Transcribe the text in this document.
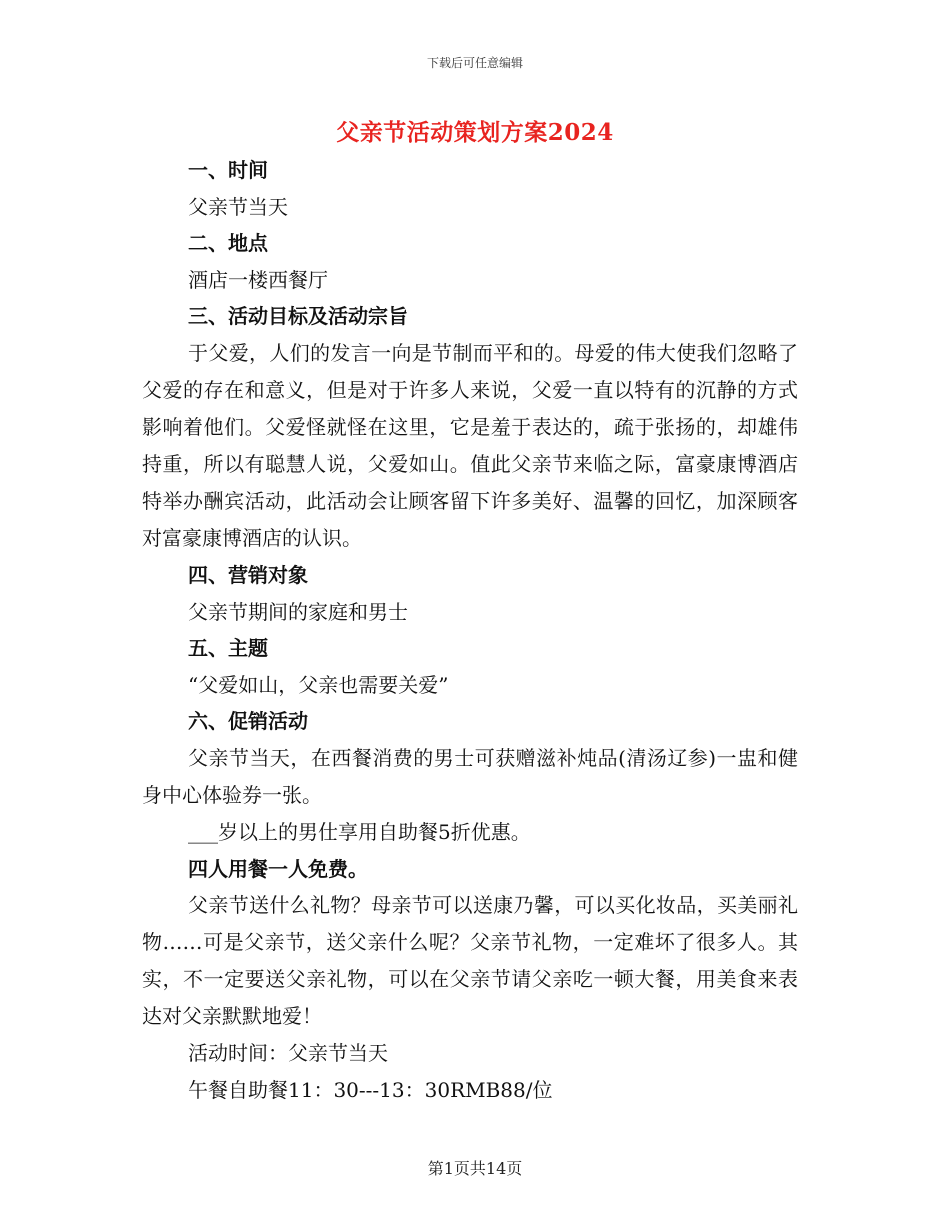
下载后可任意编辑
父亲节活动策划方案2024
一、时间
父亲节当天
二、地点
酒店一楼西餐厅
三、活动目标及活动宗旨

于父爱，人们的发言一向是节制而平和的。母爱的伟大使我们忽略了父爱的存在和意义，但是对于许多人来说，父爱一直以特有的沉静的方式影响着他们。父爱怪就怪在这里，它是羞于表达的，疏于张扬的，却雄伟持重，所以有聪慧人说，父爱如山。值此父亲节来临之际，富豪康博酒店特举办酬宾活动，此活动会让顾客留下许多美好、温馨的回忆，加深顾客对富豪康博酒店的认识。

四、营销对象
父亲节期间的家庭和男士
五、主题
“父爱如山，父亲也需要关爱”
六、促销活动

父亲节当天，在西餐消费的男士可获赠滋补炖品(清汤辽参)一盅和健身中心体验券一张。

___岁以上的男仕享用自助餐5折优惠。
四人用餐一人免费。

父亲节送什么礼物？母亲节可以送康乃馨，可以买化妆品，买美丽礼物……可是父亲节，送父亲什么呢？父亲节礼物，一定难坏了很多人。其实，不一定要送父亲礼物，可以在父亲节请父亲吃一顿大餐，用美食来表达对父亲默默地爱！

活动时间：父亲节当天
午餐自助餐11：30---13：30RMB88/位
第1页共14页
